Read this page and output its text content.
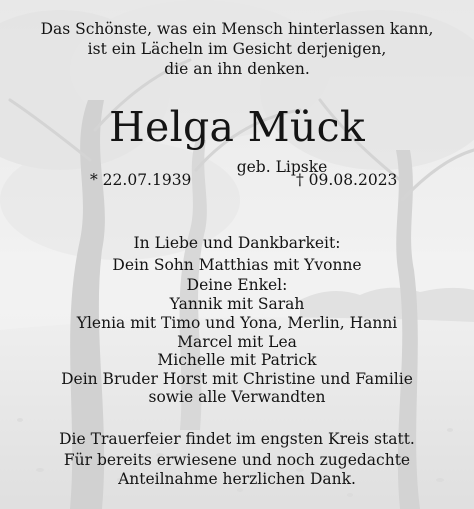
Das Schönste, was ein Mensch hinterlassen kann,
ist ein Lächeln im Gesicht derjenigen,
die an ihn denken.
Helga Mück
geb. Lipske
* 22.07.1939	† 09.08.2023
In Liebe und Dankbarkeit:
Dein Sohn Matthias mit Yvonne
Deine Enkel:
Yannik mit Sarah
Ylenia mit Timo und Yona, Merlin, Hanni
Marcel mit Lea
Michelle mit Patrick
Dein Bruder Horst mit Christine und Familie
sowie alle Verwandten
Die Trauerfeier findet im engsten Kreis statt.
Für bereits erwiesene und noch zugedachte
Anteilnahme herzlichen Dank.
